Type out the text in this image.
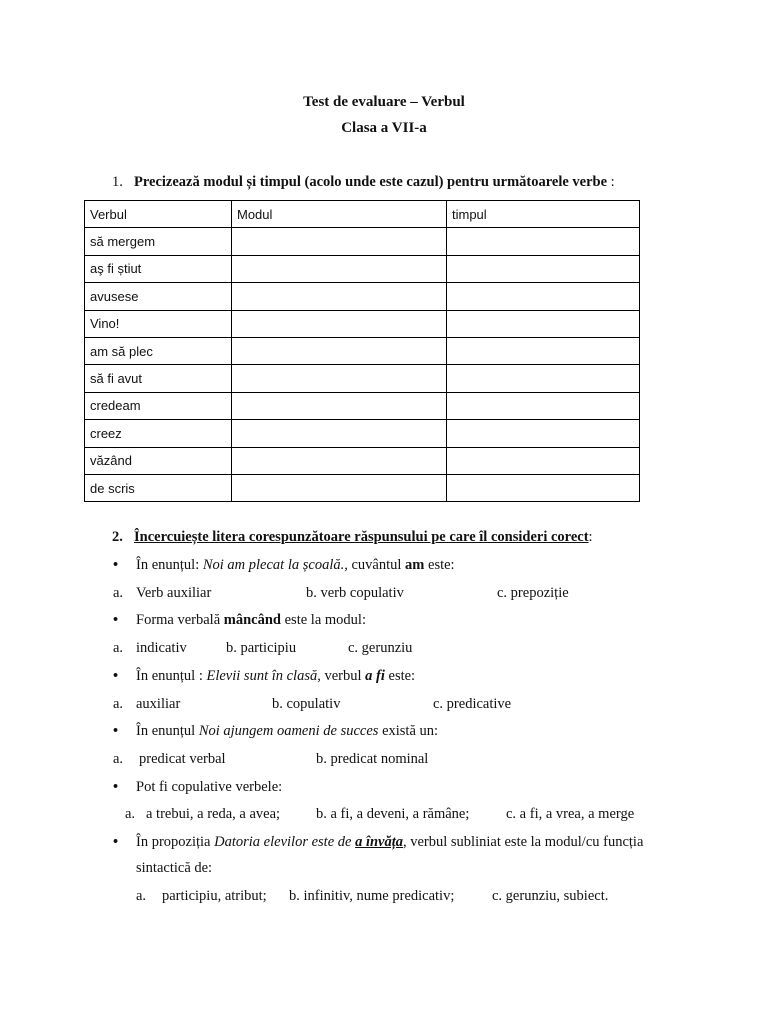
Test de evaluare – Verbul
Clasa a VII-a
1. Precizează modul și timpul (acolo unde este cazul) pentru următoarele verbe :
Verbul	Modul	timpul
să mergem		
aş fi știut		
avusese		
Vino!		
am să plec		
să fi avut		
credeam		
creez		
văzând		
de scris		
2. Încercuiește litera corespunzătoare răspunsului pe care îl consideri corect:
• În enunțul: Noi am plecat la școală., cuvântul am este:
a. Verb auxiliar	b. verb copulativ	c. prepoziție
• Forma verbală mâncând este la modul:
a. indicativ	b. participiu	c. gerunziu
• În enunțul : Elevii sunt în clasă, verbul a fi este:
a. auxiliar	b. copulativ	c. predicative
• În enunțul Noi ajungem oameni de succes există un:
a. predicat verbal	b. predicat nominal
• Pot fi copulative verbele:
a. a trebui, a reda, a avea; b. a fi, a deveni, a rămâne;	c. a fi, a vrea, a merge
• În propoziția Datoria elevilor este de a învăța, verbul subliniat este la modul/cu funcția
sintactică de:
a. participiu, atribut; b. infinitiv, nume predicativ;	c. gerunziu, subiect.
